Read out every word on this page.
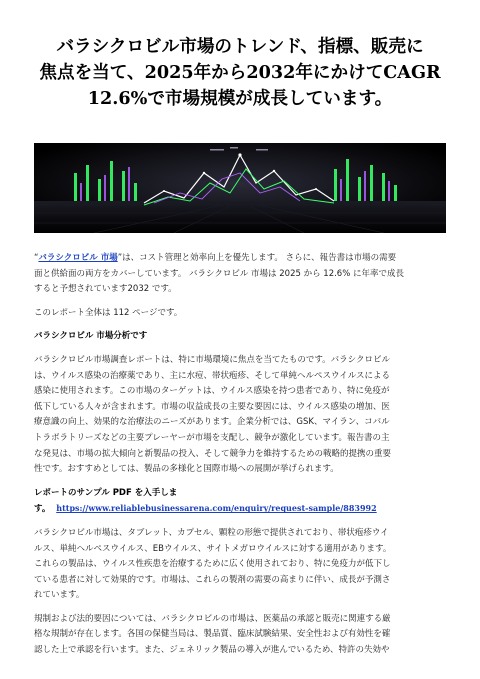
バラシクロビル市場のトレンド、指標、販売に
焦点を当て、2025年から2032年にかけてCAGR
12.6%で市場規模が成長しています。

“バラシクロビル 市場”は、コスト管理と効率向上を優先します。 さらに、報告書は市場の需要
面と供給面の両方をカバーしています。 バラシクロビル 市場は 2025 から 12.6% に年率で成長
すると予想されています2032 です。

このレポート全体は 112 ページです。

バラシクロビル 市場分析です

バラシクロビル市場調査レポートは、特に市場環境に焦点を当てたものです。バラシクロビル
は、ウイルス感染の治療薬であり、主に水痘、帯状疱疹、そして単純ヘルペスウイルスによる
感染に使用されます。この市場のターゲットは、ウイルス感染を持つ患者であり、特に免疫が
低下している人々が含まれます。市場の収益成長の主要な要因には、ウイルス感染の増加、医
療意識の向上、効果的な治療法のニーズがあります。企業分析では、GSK、マイラン、コバル
トラボラトリーズなどの主要プレーヤーが市場を支配し、競争が激化しています。報告書の主
な発見は、市場の拡大傾向と新製品の投入、そして競争力を維持するための戦略的提携の重要
性です。おすすめとしては、製品の多様化と国際市場への展開が挙げられます。

レポートのサンプル PDF を入手しま
す。 https://www.reliablebusinessarena.com/enquiry/request-sample/883992

バラシクロビル市場は、タブレット、カプセル、顆粒の形態で提供されており、帯状疱疹ウイ
ルス、単純ヘルペスウイルス、EBウイルス、サイトメガロウイルスに対する適用があります。
これらの製品は、ウイルス性疾患を治療するために広く使用されており、特に免疫力が低下し
ている患者に対して効果的です。市場は、これらの製剤の需要の高まりに伴い、成長が予測さ
れています。

規制および法的要因については、バラシクロビルの市場は、医薬品の承認と販売に関連する厳
格な規制が存在します。各国の保健当局は、製品質、臨床試験結果、安全性および有効性を確
認した上で承認を行います。また、ジェネリック製品の導入が進んでいるため、特許の失効や
